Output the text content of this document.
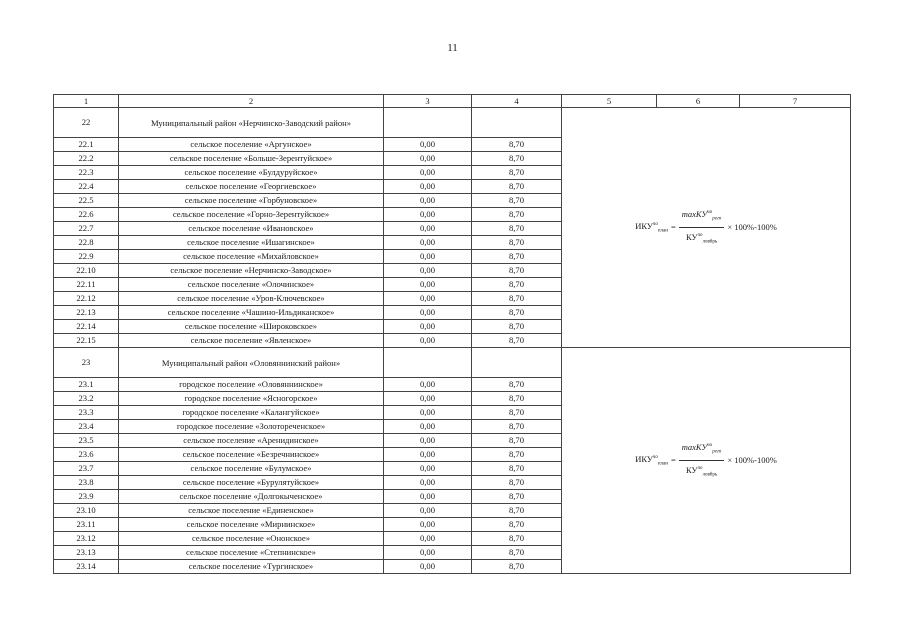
11
1	2	3	4	5	6	7
22	Муниципальный район «Нерчинско-Заводский район»			$ИКУ^{чо}_{план} = \frac{\max КУ^{чо}_{pегп}}{КУ^{чо}_{ловбрь}} \times 100\%-100\%$		

22.1	сельское поселение «Аргунское»	0,00	8,70			
22.2	сельское поселение «Больше-Зерентуйское»	0,00	8,70			
22.3	сельское поселение «Булдуруйское»	0,00	8,70			
22.4	сельское поселение «Георгиевское»	0,00	8,70			
22.5	сельское поселение «Горбуновское»	0,00	8,70			
22.6	сельское поселение «Горно-Зерентуйское»	0,00	8,70			
22.7	сельское поселение «Ивановское»	0,00	8,70			
22.8	сельское поселение «Ишагинское»	0,00	8,70			
22.9	сельское поселение «Михайловское»	0,00	8,70			
22.10	сельское поселение «Нерчинско-Заводское»	0,00	8,70			
22.11	сельское поселение «Олочинское»	0,00	8,70			
22.12	сельское поселение «Уров-Ключевское»	0,00	8,70			
22.13	сельское поселение «Чашино-Ильдиканское»	0,00	8,70			
22.14	сельское поселение «Широковское»	0,00	8,70			
22.15	сельское поселение «Явленское»	0,00	8,70			
23	Муниципальный район «Оловяннинский район»			$ИКУ^{чо}_{план} = \frac{\max КУ^{чо}_{pегп}}{КУ^{чо}_{ловбрь}} \times 100\%-100\%$		

23.1	городское поселение «Оловяннинское»	0,00	8,70			
23.2	городское поселение «Ясногорское»	0,00	8,70			
23.3	городское поселение «Калангуйское»	0,00	8,70			
23.4	городское поселение «Золотореченское»	0,00	8,70			
23.5	сельское поселение «Аренидинское»	0,00	8,70			
23.6	сельское поселение «Безречнинское»	0,00	8,70			
23.7	сельское поселение «Булумское»	0,00	8,70			
23.8	сельское поселение «Бурулятуйское»	0,00	8,70			
23.9	сельское поселение «Долгокыченское»	0,00	8,70			
23.10	сельское поселение «Единенское»	0,00	8,70			
23.11	сельское поселение «Мирнинское»	0,00	8,70			
23.12	сельское поселение «Ононское»	0,00	8,70			
23.13	сельское поселение «Степнинское»	0,00	8,70			
23.14	сельское поселение «Тургинское»	0,00	8,70			
